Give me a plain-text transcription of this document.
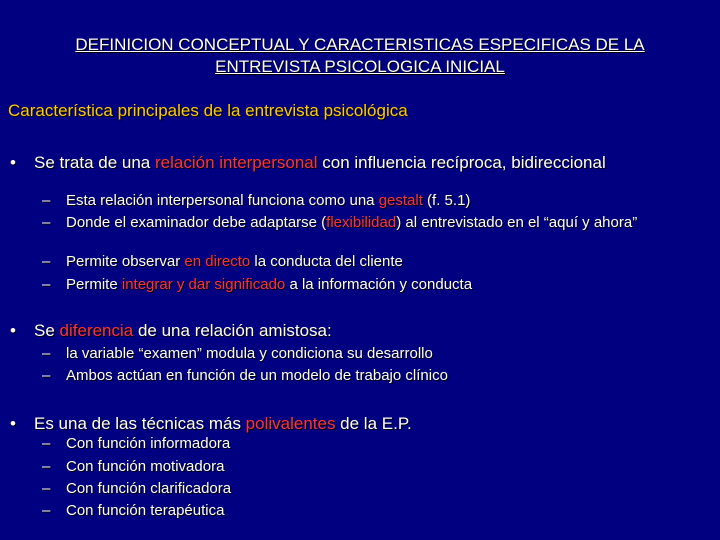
DEFINICION CONCEPTUAL Y CARACTERISTICAS ESPECIFICAS DE LA
ENTREVISTA PSICOLOGICA INICIAL
Característica principales de la entrevista psicológica
• Se trata de una relación interpersonal con influencia recíproca, bidireccional
– Esta relación interpersonal funciona como una gestalt (f. 5.1)
– Donde el examinador debe adaptarse (flexibilidad) al entrevistado en el “aquí y ahora”
– Permite observar en directo la conducta del cliente
– Permite integrar y dar significado a la información y conducta
• Se diferencia de una relación amistosa:
– la variable “examen” modula y condiciona su desarrollo
– Ambos actúan en función de un modelo de trabajo clínico
• Es una de las técnicas más polivalentes de la E.P.
– Con función informadora
– Con función motivadora
– Con función clarificadora
– Con función terapéutica
